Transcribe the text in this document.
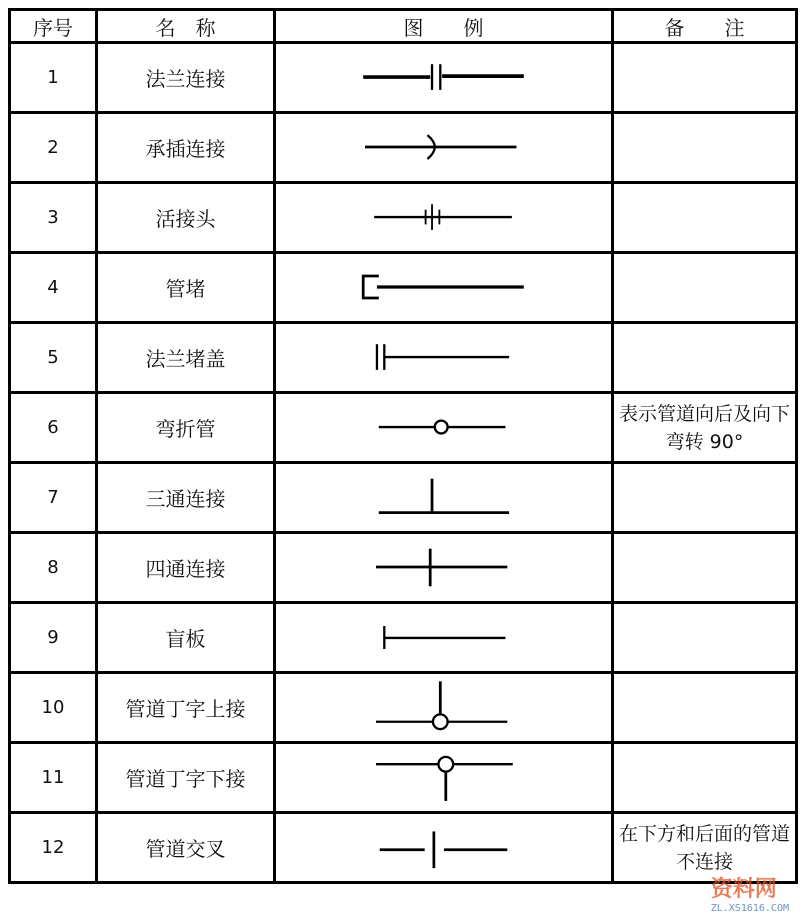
序号	名　称	图　　例	备　　注
1	法兰连接	

2	承插连接	

3	活接头	

4	管堵	

5	法兰堵盖	

6	弯折管		表示管道向后及向下弯转 90°
7	三通连接	

8	四通连接	

9	盲板	

10	管道丁字上接	

11	管道丁字下接	

12	管道交叉		在下方和后面的管道不连接
资料网
ZL.XS1616.COM
